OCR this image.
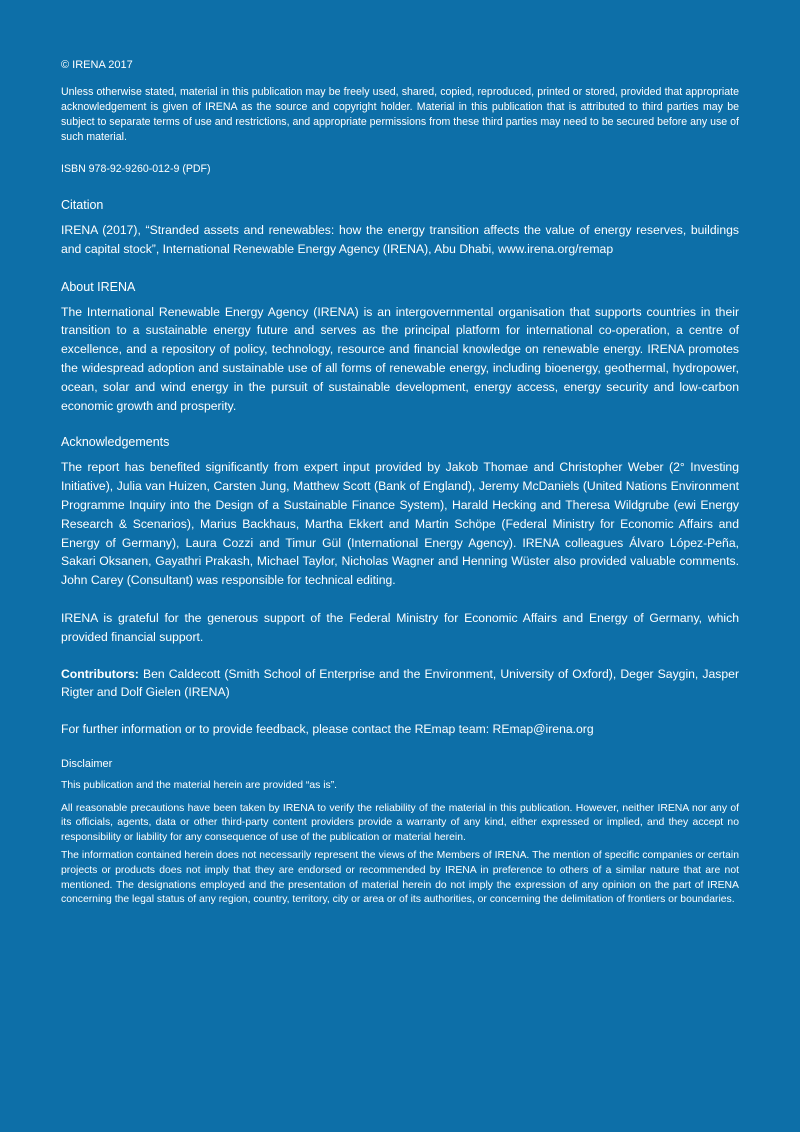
© IRENA 2017

Unless otherwise stated, material in this publication may be freely used, shared, copied, reproduced, printed or stored, provided that appropriate acknowledgement is given of IRENA as the source and copyright holder. Material in this publication that is attributed to third parties may be subject to separate terms of use and restrictions, and appropriate permissions from these third parties may need to be secured before any use of such material.

ISBN 978-92-9260-012-9 (PDF)

Citation

IRENA (2017), “Stranded assets and renewables: how the energy transition affects the value of energy reserves, buildings and capital stock”, International Renewable Energy Agency (IRENA), Abu Dhabi, www.irena.org/remap

About IRENA

The International Renewable Energy Agency (IRENA) is an intergovernmental organisation that supports countries in their transition to a sustainable energy future and serves as the principal platform for international co-operation, a centre of excellence, and a repository of policy, technology, resource and financial knowledge on renewable energy. IRENA promotes the widespread adoption and sustainable use of all forms of renewable energy, including bioenergy, geothermal, hydropower, ocean, solar and wind energy in the pursuit of sustainable development, energy access, energy security and low-carbon economic growth and prosperity.

Acknowledgements

The report has benefited significantly from expert input provided by Jakob Thomae and Christopher Weber (2° Investing Initiative), Julia van Huizen, Carsten Jung, Matthew Scott (Bank of England), Jeremy McDaniels (United Nations Environment Programme Inquiry into the Design of a Sustainable Finance System), Harald Hecking and Theresa Wildgrube (ewi Energy Research & Scenarios), Marius Backhaus, Martha Ekkert and Martin Schöpe (Federal Ministry for Economic Affairs and Energy of Germany), Laura Cozzi and Timur Gül (International Energy Agency). IRENA colleagues Álvaro López-Peña, Sakari Oksanen, Gayathri Prakash, Michael Taylor, Nicholas Wagner and Henning Wüster also provided valuable comments. John Carey (Consultant) was responsible for technical editing.

IRENA is grateful for the generous support of the Federal Ministry for Economic Affairs and Energy of Germany, which provided financial support.

Contributors: Ben Caldecott (Smith School of Enterprise and the Environment, University of Oxford), Deger Saygin, Jasper Rigter and Dolf Gielen (IRENA)

For further information or to provide feedback, please contact the REmap team: REmap@irena.org

Disclaimer

This publication and the material herein are provided “as is”.

All reasonable precautions have been taken by IRENA to verify the reliability of the material in this publication. However, neither IRENA nor any of its officials, agents, data or other third-party content providers provide a warranty of any kind, either expressed or implied, and they accept no responsibility or liability for any consequence of use of the publication or material herein.

The information contained herein does not necessarily represent the views of the Members of IRENA. The mention of specific companies or certain projects or products does not imply that they are endorsed or recommended by IRENA in preference to others of a similar nature that are not mentioned. The designations employed and the presentation of material herein do not imply the expression of any opinion on the part of IRENA concerning the legal status of any region, country, territory, city or area or of its authorities, or concerning the delimitation of frontiers or boundaries.
